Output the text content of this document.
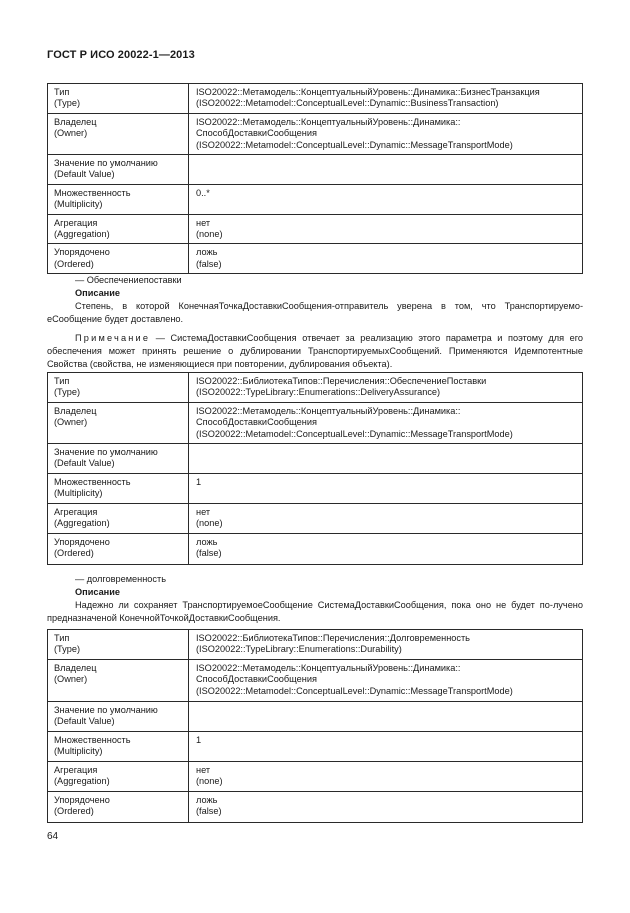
ГОСТ Р ИСО 20022-1—2013
Тип
(Type)	ISO20022::Метамодель::КонцептуальныйУровень::Динамика::БизнесТранзакция
(ISO20022::Metamodel::ConceptualLevel::Dynamic::BusinessTransaction)

Владелец
(Owner)	ISO20022::Метамодель::КонцептуальныйУровень::Динамика::
СпособДоставкиСообщения
(ISO20022::Metamodel::ConceptualLevel::Dynamic::MessageTransportMode)

Значение по умолчанию
(Default Value)	

Множественность
(Multiplicity)	0..*

Агрегация
(Aggregation)	нет
(none)

Упорядочено
(Ordered)	ложь
(false)
— Обеспечениепоставки
Описание
Степень, в которой КонечнаяТочкаДоставкиСообщения-отправитель уверена в том, что Транспортируемо-еСообщение будет доставлено.
Примечание — СистемаДоставкиСообщения отвечает за реализацию этого параметра и поэтому для его обеспечения может принять решение о дублировании ТранспортируемыхСообщений. Применяются Идемпотентные Свойства (свойства, не изменяющиеся при повторении, дублирования объекта).
Тип
(Type)	ISO20022::БиблиотекаТипов::Перечисления::ОбеспечениеПоставки
(ISO20022::TypeLibrary::Enumerations::DeliveryAssurance)

Владелец
(Owner)	ISO20022::Метамодель::КонцептуальныйУровень::Динамика::
СпособДоставкиСообщения
(ISO20022::Metamodel::ConceptualLevel::Dynamic::MessageTransportMode)

Значение по умолчанию
(Default Value)	

Множественность
(Multiplicity)	1

Агрегация
(Aggregation)	нет
(none)

Упорядочено
(Ordered)	ложь
(false)
— долговременность
Описание
Надежно ли сохраняет ТранспортируемоеСообщение СистемаДоставкиСообщения, пока оно не будет по-лучено предназначеной КонечнойТочкойДоставкиСообщения.
Тип
(Type)	ISO20022::БиблиотекаТипов::Перечисления::Долговременность
(ISO20022::TypeLibrary::Enumerations::Durability)

Владелец
(Owner)	ISO20022::Метамодель::КонцептуальныйУровень::Динамика::
СпособДоставкиСообщения
(ISO20022::Metamodel::ConceptualLevel::Dynamic::MessageTransportMode)

Значение по умолчанию
(Default Value)	

Множественность
(Multiplicity)	1

Агрегация
(Aggregation)	нет
(none)

Упорядочено
(Ordered)	ложь
(false)
64
